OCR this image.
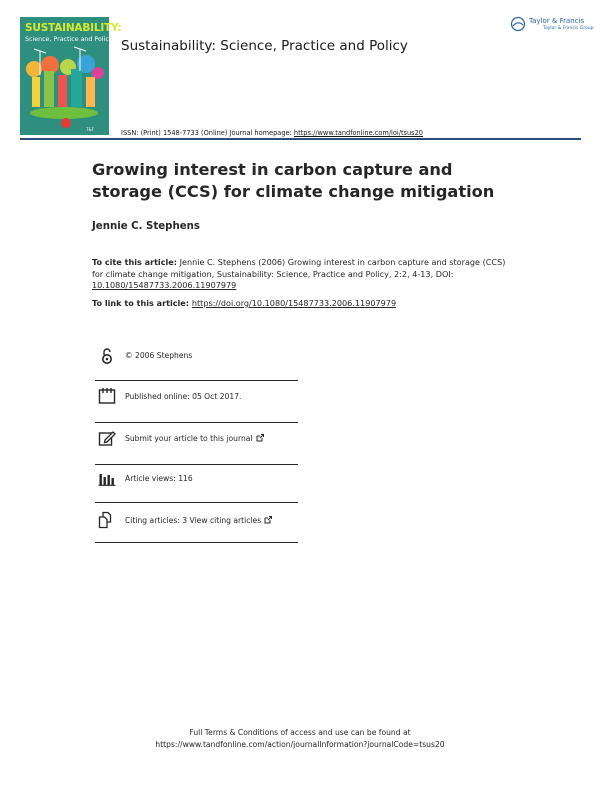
SUSTAINABILITY:
Science, Practice and Policy
T&F
Sustainability: Science, Practice and Policy
Taylor & Francis
Taylor & Francis Group
ISSN: (Print) 1548-7733 (Online) Journal homepage: https://www.tandfonline.com/loi/tsus20
Growing interest in carbon capture and storage (CCS) for climate change mitigation
Jennie C. Stephens
To cite this article: Jennie C. Stephens (2006) Growing interest in carbon capture and storage (CCS) for climate change mitigation, Sustainability: Science, Practice and Policy, 2:2, 4-13, DOI: 10.1080/15487733.2006.11907979
To link to this article: https://doi.org/10.1080/15487733.2006.11907979
© 2006 Stephens
Published online: 05 Oct 2017.
Submit your article to this journal
Article views: 116
Citing articles: 3 View citing articles
Full Terms & Conditions of access and use can be found at
https://www.tandfonline.com/action/journalInformation?journalCode=tsus20
